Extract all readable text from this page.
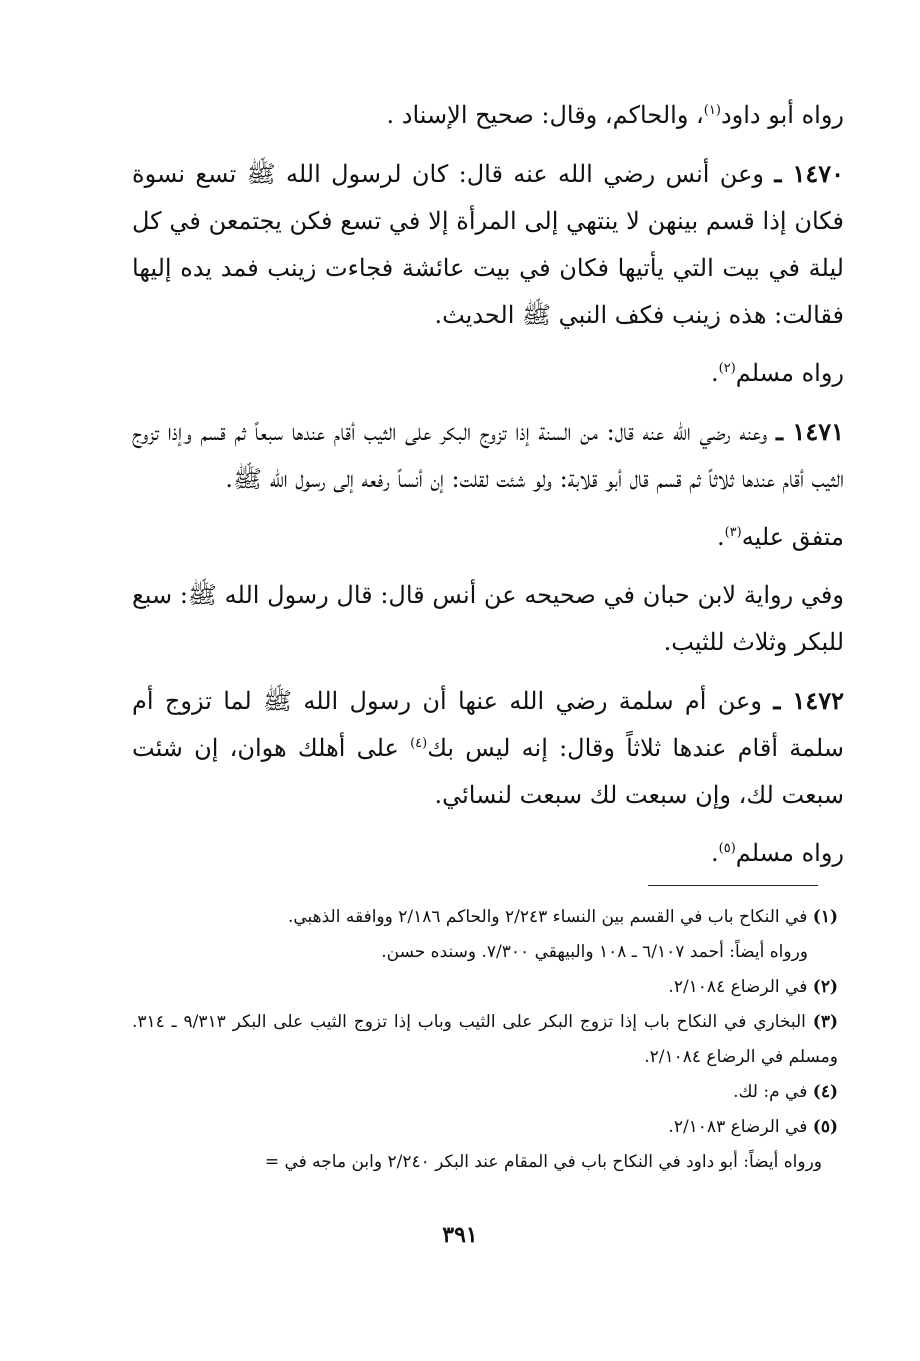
رواه أبو داود$^{(١)}$، والحاكم، وقال: صحيح الإسناد .

١٤٧٠ ـ وعن أنس رضي الله عنه قال: كان لرسول الله ﷺ تسع نسوة فكان إذا قسم بينهن لا ينتهي إلى المرأة إلا في تسع فكن يجتمعن في كل ليلة في بيت التي يأتيها فكان في بيت عائشة فجاءت زينب فمد يده إليها فقالت: هذه زينب فكف النبي ﷺ الحديث.

رواه مسلم$^{(٢)}$.

١٤٧١ ـ وعنه رضي الله عنه قال: من السنة إذا تزوج البكر على الثيب أقام عندها سبعاً ثم قسم وإذا تزوج الثيب أقام عندها ثلاثاً ثم قسم قال أبو قلابة: ولو شئت لقلت: إن أنساً رفعه إلى رسول الله ﷺ.

متفق عليه$^{(٣)}$.

وفي رواية لابن حبان في صحيحه عن أنس قال: قال رسول الله ﷺ: سبع للبكر وثلاث للثيب.

١٤٧٢ ـ وعن أم سلمة رضي الله عنها أن رسول الله ﷺ لما تزوج أم سلمة أقام عندها ثلاثاً وقال: إنه ليس بك$^{(٤)}$ على أهلك هوان، إن شئت سبعت لك، وإن سبعت لك سبعت لنسائي.

رواه مسلم$^{(٥)}$.

(١) في النكاح باب في القسم بين النساء ٢/٢٤٣ والحاكم ٢/١٨٦ ووافقه الذهبي.

ورواه أيضاً: أحمد ٦/١٠٧ ـ ١٠٨ والبيهقي ٧/٣٠٠. وسنده حسن.

(٢) في الرضاع ٢/١٠٨٤.

(٣) البخاري في النكاح باب إذا تزوج البكر على الثيب وباب إذا تزوج الثيب على البكر ٩/٣١٣ ـ ٣١٤. ومسلم في الرضاع ٢/١٠٨٤.

(٤) في م: لك.

(٥) في الرضاع ٢/١٠٨٣.

ورواه أيضاً: أبو داود في النكاح باب في المقام عند البكر ٢/٢٤٠ وابن ماجه في =

٣٩١
